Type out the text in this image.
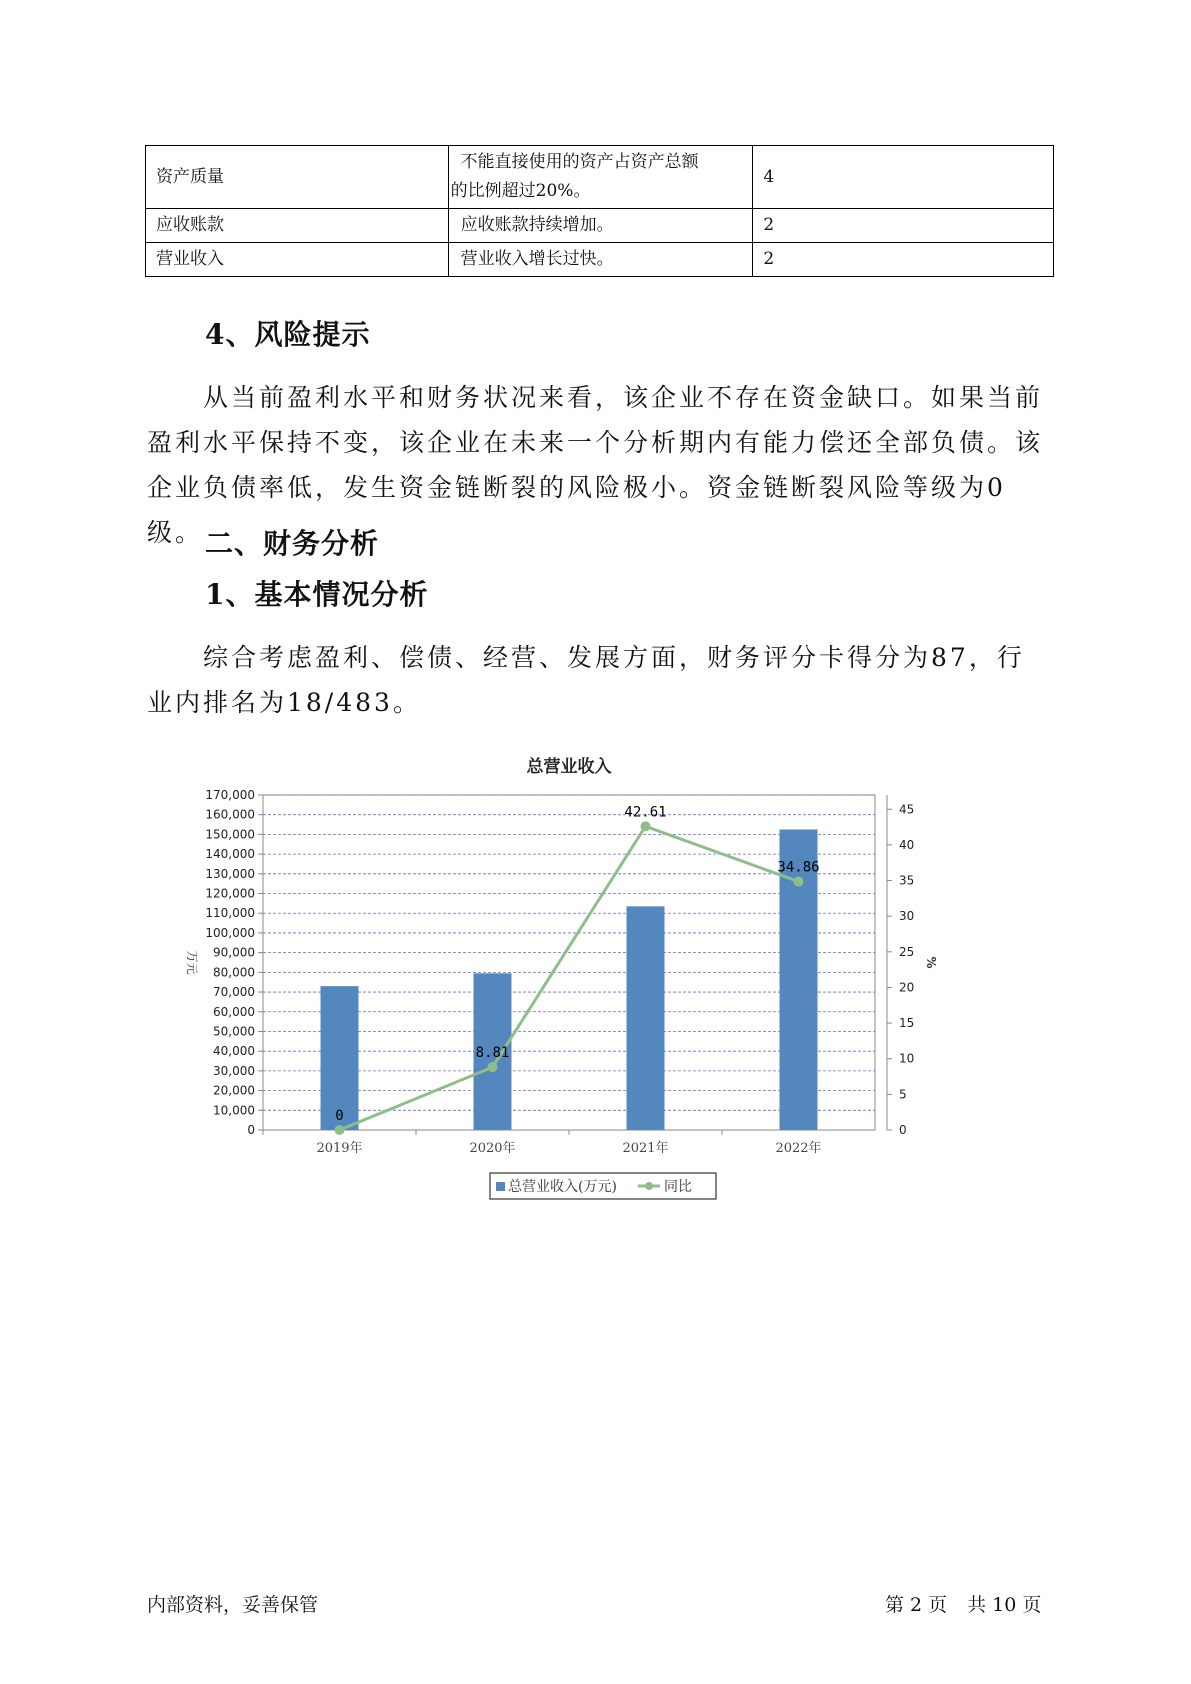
资产质量	不能直接使用的资产占资产总额
的比例超过20%。	4
应收账款	应收账款持续增加。	2
营业收入	营业收入增长过快。	2
4、风险提示

从当前盈利水平和财务状况来看，该企业不存在资金缺口。如果当前盈利水平保持不变，该企业在未来一个分析期内有能力偿还全部负债。该企业负债率低，发生资金链断裂的风险极小。资金链断裂风险等级为0级。 二、财务分析
1、基本情况分析

综合考虑盈利、偿债、经营、发展方面，财务评分卡得分为87，行业内排名为18/483。

总营业收入
0
10,000
20,000
30,000
40,000
50,000
60,000
70,000
80,000
90,000
100,000
110,000
120,000
130,000
140,000
150,000
160,000
170,000
万元
0
5
10
15
20
25
30
35
40
45
%
2019年	2020年	2021年	2022年
0
8.81
42.61
34.86
总营业收入(万元)	同比
内部资料，妥善保管	第 2 页 共 10 页
